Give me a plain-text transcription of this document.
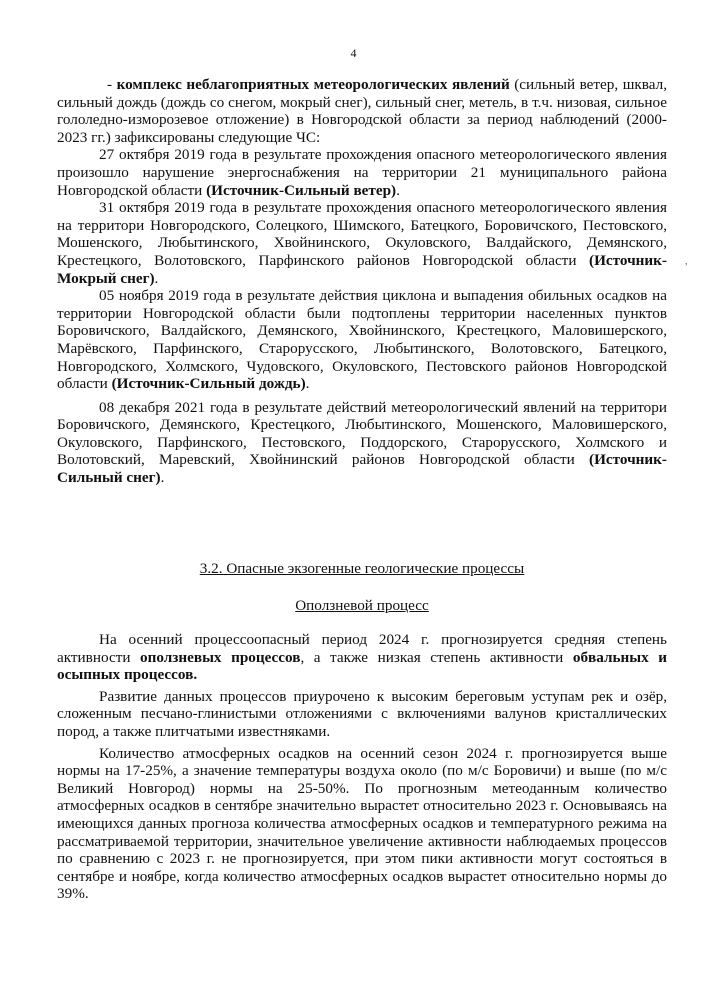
4

- комплекс неблагоприятных метеорологических явлений (сильный ветер, шквал, сильный дождь (дождь со снегом, мокрый снег), сильный снег, метель, в т.ч. низовая, сильное гололедно-изморозевое отложение) в Новгородской области за период наблюдений (2000-2023 гг.) зафиксированы следующие ЧС:

27 октября 2019 года в результате прохождения опасного метеорологического явления произошло нарушение энергоснабжения на территории 21 муниципального района Новгородской области (Источник-Сильный ветер).

31 октября 2019 года в результате прохождения опасного метеорологического явления на территори Новгородского, Солецкого, Шимского, Батецкого, Боровичского, Пестовского, Мошенского, Любытинского, Хвойнинского, Окуловского, Валдайского, Демянского, Крестецкого, Волотовского, Парфинского районов Новгородской области (Источник-Мокрый снег).

05 ноября 2019 года в результате действия циклона и выпадения обильных осадков на территории Новгородской области были подтоплены территории населенных пунктов Боровичского, Валдайского, Демянского, Хвойнинского, Крестецкого, Маловишерского, Марёвского, Парфинского, Старорусского, Любытинского, Волотовского, Батецкого, Новгородского, Холмского, Чудовского, Окуловского, Пестовского районов Новгородской области (Источник-Сильный дождь).

08 декабря 2021 года в результате действий метеорологический явлений на территори Боровичского, Демянского, Крестецкого, Любытинского, Мошенского, Маловишерского, Окуловского, Парфинского, Пестовского, Поддорского, Старорусского, Холмского и Волотовский, Маревский, Хвойнинский районов Новгородской области (Источник-Сильный снег).

,
3.2. Опасные экзогенные геологические процессы
Оползневой процесс

На осенний процессоопасный период 2024 г. прогнозируется средняя степень активности оползневых процессов, а также низкая степень активности обвальных и осыпных процессов.

Развитие данных процессов приурочено к высоким береговым уступам рек и озёр, сложенным песчано-глинистыми отложениями с включениями валунов кристаллических пород, а также плитчатыми известняками.

Количество атмосферных осадков на осенний сезон 2024 г. прогнозируется выше нормы на 17-25%, а значение температуры воздуха около (по м/с Боровичи) и выше (по м/с Великий Новгород) нормы на 25-50%. По прогнозным метеоданным количество атмосферных осадков в сентябре значительно вырастет относительно 2023 г. Основываясь на имеющихся данных прогноза количества атмосферных осадков и температурного режима на рассматриваемой территории, значительное увеличение активности наблюдаемых процессов по сравнению с 2023 г. не прогнозируется, при этом пики активности могут состояться в сентябре и ноябре, когда количество атмосферных осадков вырастет относительно нормы до 39%.
